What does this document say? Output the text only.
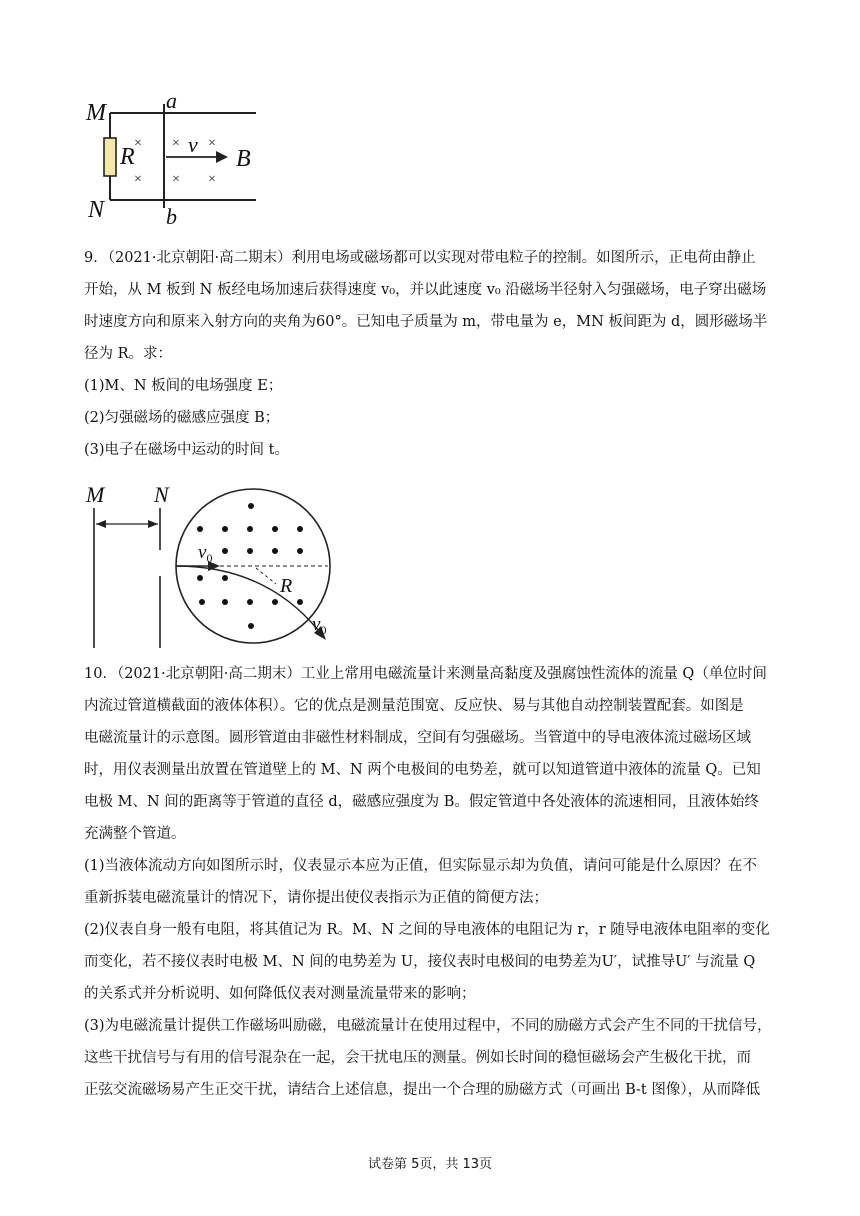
×
×
×
×
×
×
M
N
a
b
R v
B
9．（2021·北京朝阳·高二期末）利用电场或磁场都可以实现对带电粒子的控制。如图所示，正电荷由静止
开始，从 M 板到 N 板经电场加速后获得速度 v₀，并以此速度 v₀ 沿磁场半径射入匀强磁场，电子穿出磁场
时速度方向和原来入射方向的夹角为60°。已知电子质量为 m，带电量为 e，MN 板间距为 d，圆形磁场半
径为 R。求：
(1)M、N 板间的电场强度 E；
(2)匀强磁场的磁感应强度 B；
(3)电子在磁场中运动的时间 t。
M N
$v_0$
R
$v_0$
10．（2021·北京朝阳·高二期末）工业上常用电磁流量计来测量高黏度及强腐蚀性流体的流量 Q（单位时间
内流过管道横截面的液体体积）。它的优点是测量范围宽、反应快、易与其他自动控制装置配套。如图是
电磁流量计的示意图。圆形管道由非磁性材料制成，空间有匀强磁场。当管道中的导电液体流过磁场区域
时，用仪表测量出放置在管道壁上的 M、N 两个电极间的电势差，就可以知道管道中液体的流量 Q。已知
电极 M、N 间的距离等于管道的直径 d，磁感应强度为 B。假定管道中各处液体的流速相同，且液体始终
充满整个管道。
(1)当液体流动方向如图所示时，仪表显示本应为正值，但实际显示却为负值，请问可能是什么原因？在不
重新拆装电磁流量计的情况下，请你提出使仪表指示为正值的简便方法；
(2)仪表自身一般有电阻，将其值记为 R。M、N 之间的导电液体的电阻记为 r，r 随导电液体电阻率的变化
而变化，若不接仪表时电极 M、N 间的电势差为 U，接仪表时电极间的电势差为U′，试推导U′ 与流量 Q
的关系式并分析说明、如何降低仪表对测量流量带来的影响；
(3)为电磁流量计提供工作磁场叫励磁，电磁流量计在使用过程中，不同的励磁方式会产生不同的干扰信号，
这些干扰信号与有用的信号混杂在一起，会干扰电压的测量。例如长时间的稳恒磁场会产生极化干扰，而
正弦交流磁场易产生正交干扰，请结合上述信息，提出一个合理的励磁方式（可画出 B-t 图像），从而降低
试卷第 5页，共 13页
